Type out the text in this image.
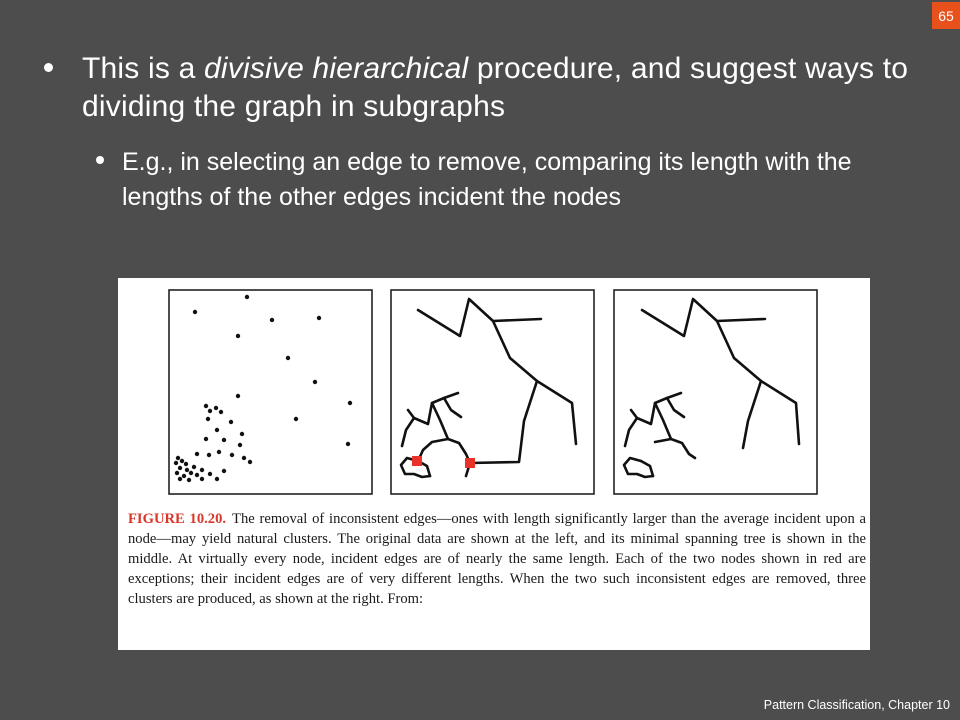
65
This is a divisive hierarchical procedure, and suggest ways to dividing the graph in subgraphs
E.g., in selecting an edge to remove, comparing its length with the lengths of the other edges incident the nodes
FIGURE 10.20. The removal of inconsistent edges—ones with length significantly larger than the average incident upon a node—may yield natural clusters. The original data are shown at the left, and its minimal spanning tree is shown in the middle. At virtually every node, incident edges are of nearly the same length. Each of the two nodes shown in red are exceptions; their incident edges are of very different lengths. When the two such inconsistent edges are removed, three clusters are produced, as shown at the right. From:
Pattern Classification, Chapter 10
